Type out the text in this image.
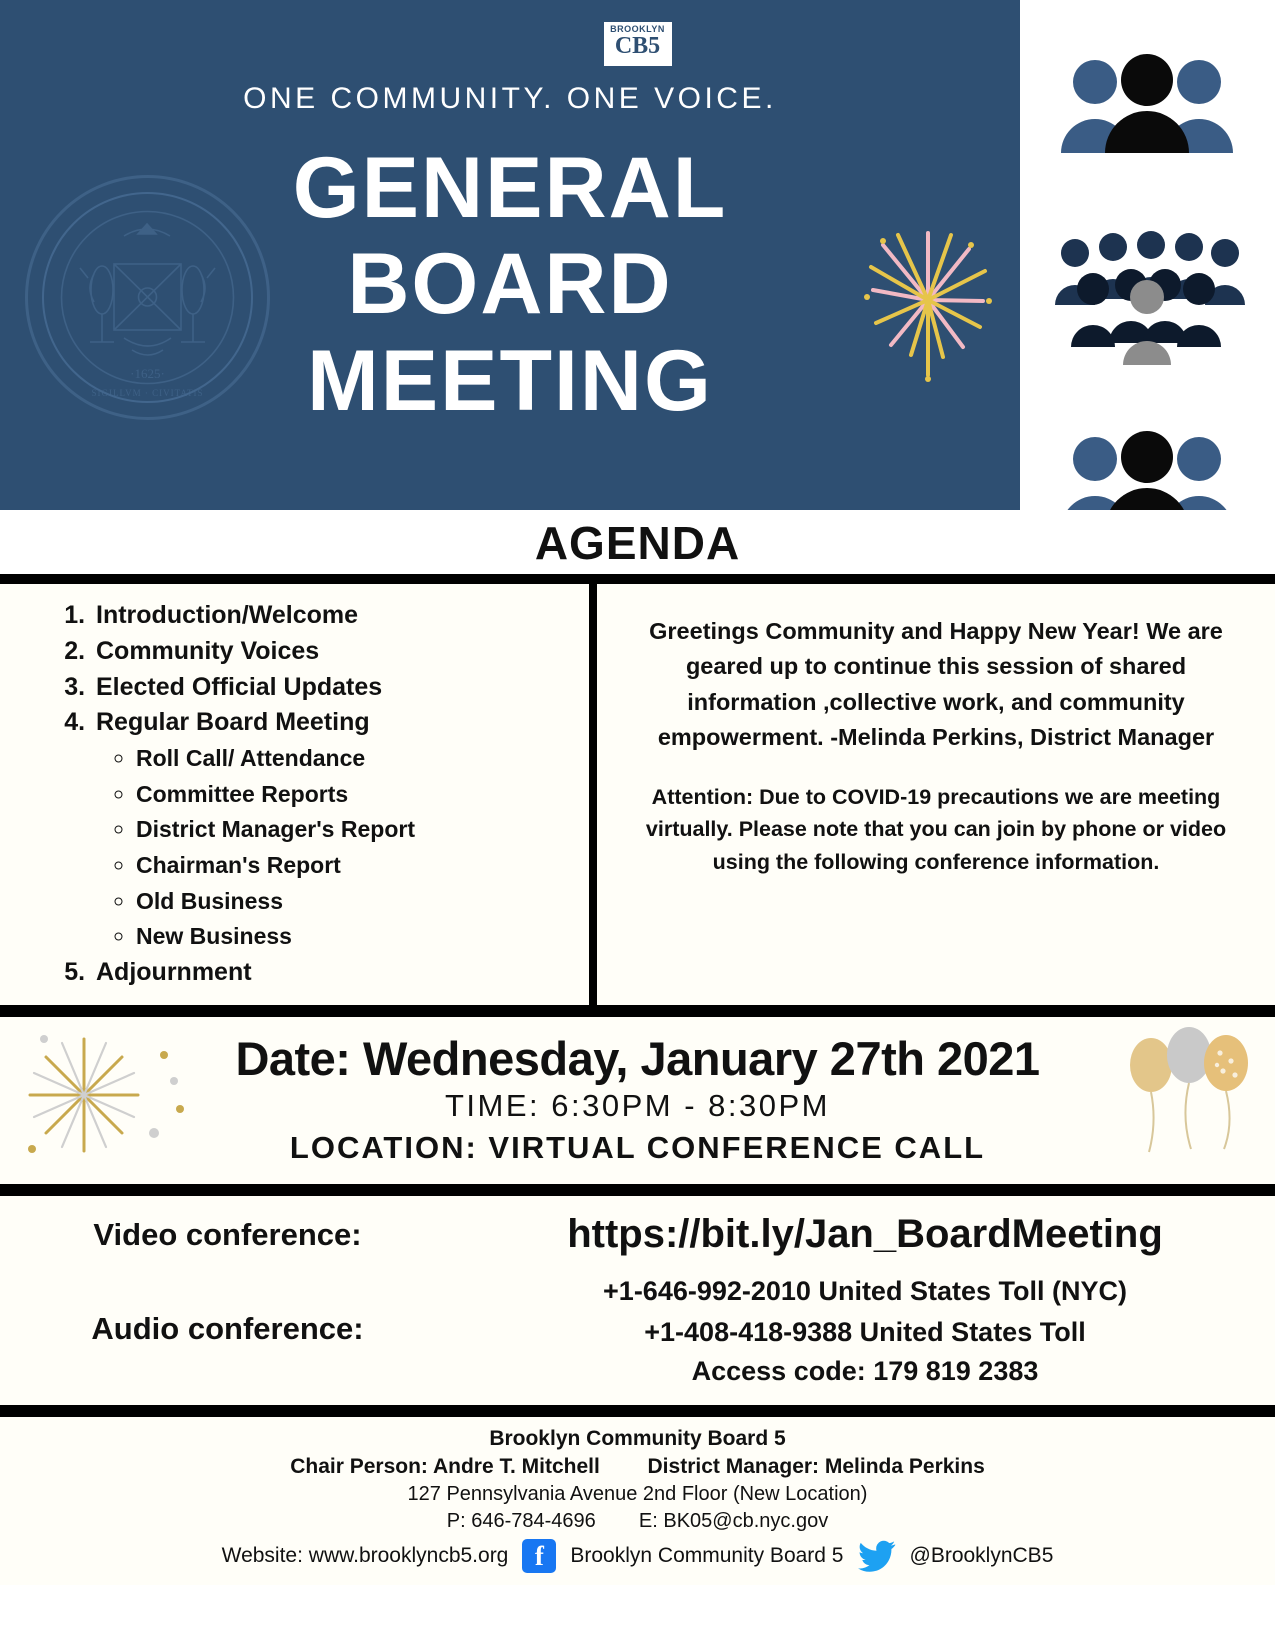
·1625·
SIGILLVM · CIVITATIS
BROOKLYN
CB5
ONE COMMUNITY. ONE VOICE.
GENERAL
BOARD
MEETING
AGENDA
1. Introduction/Welcome
2. Community Voices
3. Elected Official Updates
4. Regular Board Meeting
◦ Roll Call/ Attendance
◦ Committee Reports
◦ District Manager's Report
◦ Chairman's Report
◦ Old Business
◦ New Business
5. Adjournment

Greetings Community and Happy New Year! We are geared up to continue this session of shared information ,collective work, and community empowerment. -Melinda Perkins, District Manager

Attention: Due to COVID-19 precautions we are meeting virtually. Please note that you can join by phone or video using the following conference information.

Date: Wednesday, January 27th 2021
TIME: 6:30PM - 8:30PM
LOCATION: VIRTUAL CONFERENCE CALL
Video conference:	https://bit.ly/Jan_BoardMeeting
Audio conference:
+1-646-992-2010 United States Toll (NYC)
+1-408-418-9388 United States Toll
Access code: 179 819 2383
Brooklyn Community Board 5
Chair Person: Andre T. Mitchell District Manager: Melinda Perkins
127 Pennsylvania Avenue 2nd Floor (New Location)
P: 646-784-4696 E: BK05@cb.nyc.gov
Website: www.brooklyncb5.org f	Brooklyn Community Board 5	@BrooklynCB5
